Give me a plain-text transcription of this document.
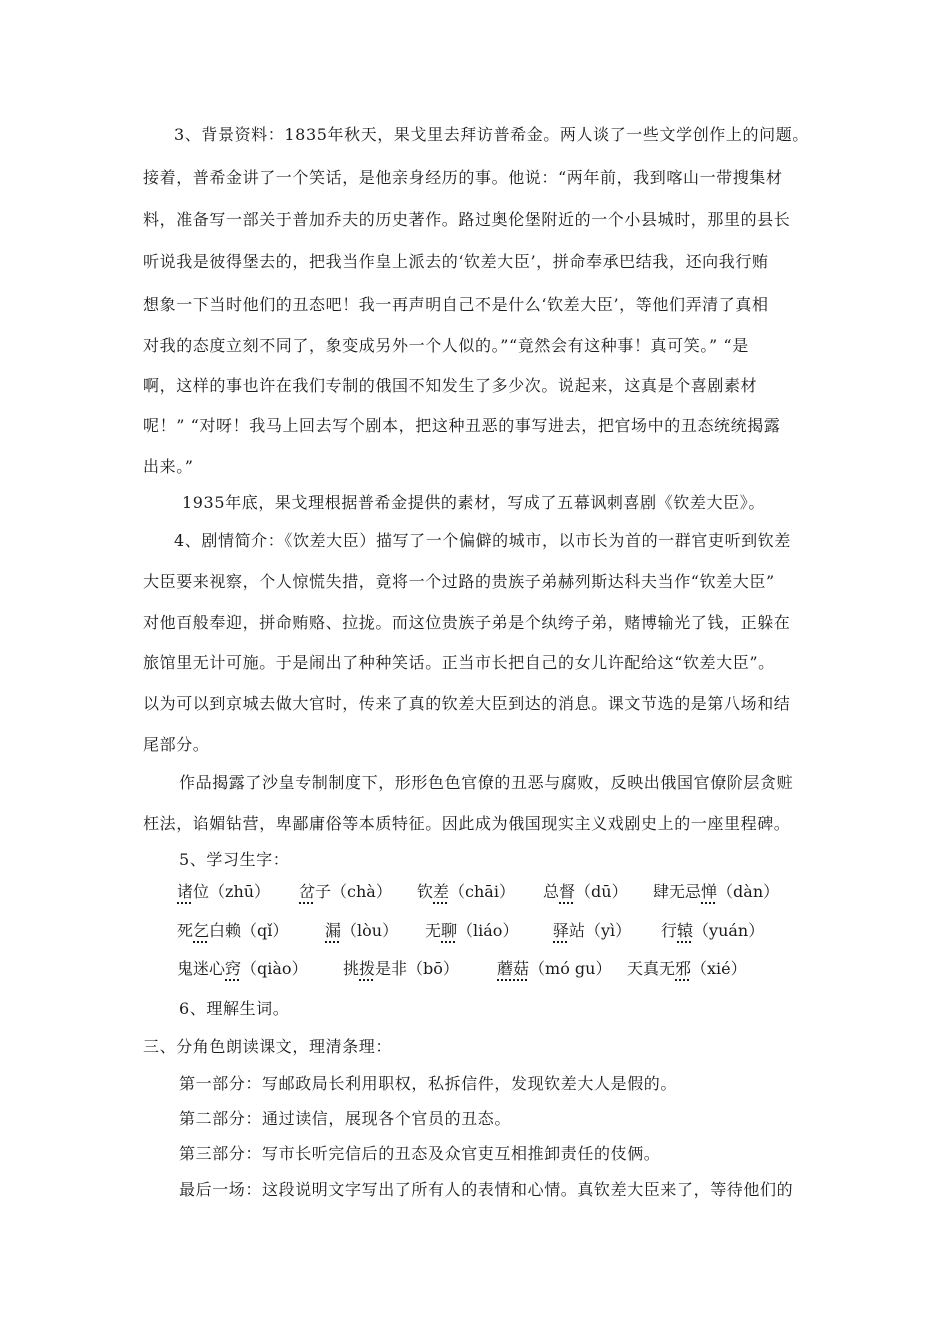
3、背景资料：1835年秋天，果戈里去拜访普希金。两人谈了一些文学创作上的问题。
接着，普希金讲了一个笑话，是他亲身经历的事。他说：“两年前，我到喀山一带搜集材
料，准备写一部关于普加乔夫的历史著作。路过奥伦堡附近的一个小县城时，那里的县长
听说我是彼得堡去的，把我当作皇上派去的‘钦差大臣’，拼命奉承巴结我，还向我行贿
想象一下当时他们的丑态吧！我一再声明自己不是什么‘钦差大臣’，等他们弄清了真相
对我的态度立刻不同了，象变成另外一个人似的。”“竟然会有这种事！真可笑。” “是
啊，这样的事也许在我们专制的俄国不知发生了多少次。说起来，这真是个喜剧素材
呢！” “对呀！我马上回去写个剧本，把这种丑恶的事写进去，把官场中的丑态统统揭露
出来。”
1935年底，果戈理根据普希金提供的素材，写成了五幕讽刺喜剧《钦差大臣》。
4、剧情简介：《饮差大臣）描写了一个偏僻的城市，以市长为首的一群官吏听到钦差
大臣要来视察，个人惊慌失措，竟将一个过路的贵族子弟赫列斯达科夫当作“钦差大臣”
对他百般奉迎，拼命贿赂、拉拢。而这位贵族子弟是个纨绔子弟，赌博输光了钱，正躲在
旅馆里无计可施。于是闹出了种种笑话。正当市长把自己的女儿许配给这“钦差大臣”。
以为可以到京城去做大官时，传来了真的钦差大臣到达的消息。课文节选的是第八场和结
尾部分。
作品揭露了沙皇专制制度下，形形色色官僚的丑恶与腐败，反映出俄国官僚阶层贪赃
枉法，谄媚钻营，卑鄙庸俗等本质特征。因此成为俄国现实主义戏剧史上的一座里程碑。
5、学习生字：
诸位（zhū） 岔子（chà） 钦差（chāi） 总督（dū） 肆无忌惮（dàn）
死乞白赖（qǐ） 漏（lòu） 无聊（liáo） 驿站（yì） 行辕（yuán）
鬼迷心窍（qiào） 挑拨是非（bō） 蘑菇（mó gu） 天真无邪（xié）
6、理解生词。
三、分角色朗读课文，理清条理：
第一部分：写邮政局长利用职权，私拆信件，发现钦差大人是假的。
第二部分：通过读信，展现各个官员的丑态。
第三部分：写市长听完信后的丑态及众官吏互相推卸责任的伎俩。
最后一场：这段说明文字写出了所有人的表情和心情。真钦差大臣来了，等待他们的
